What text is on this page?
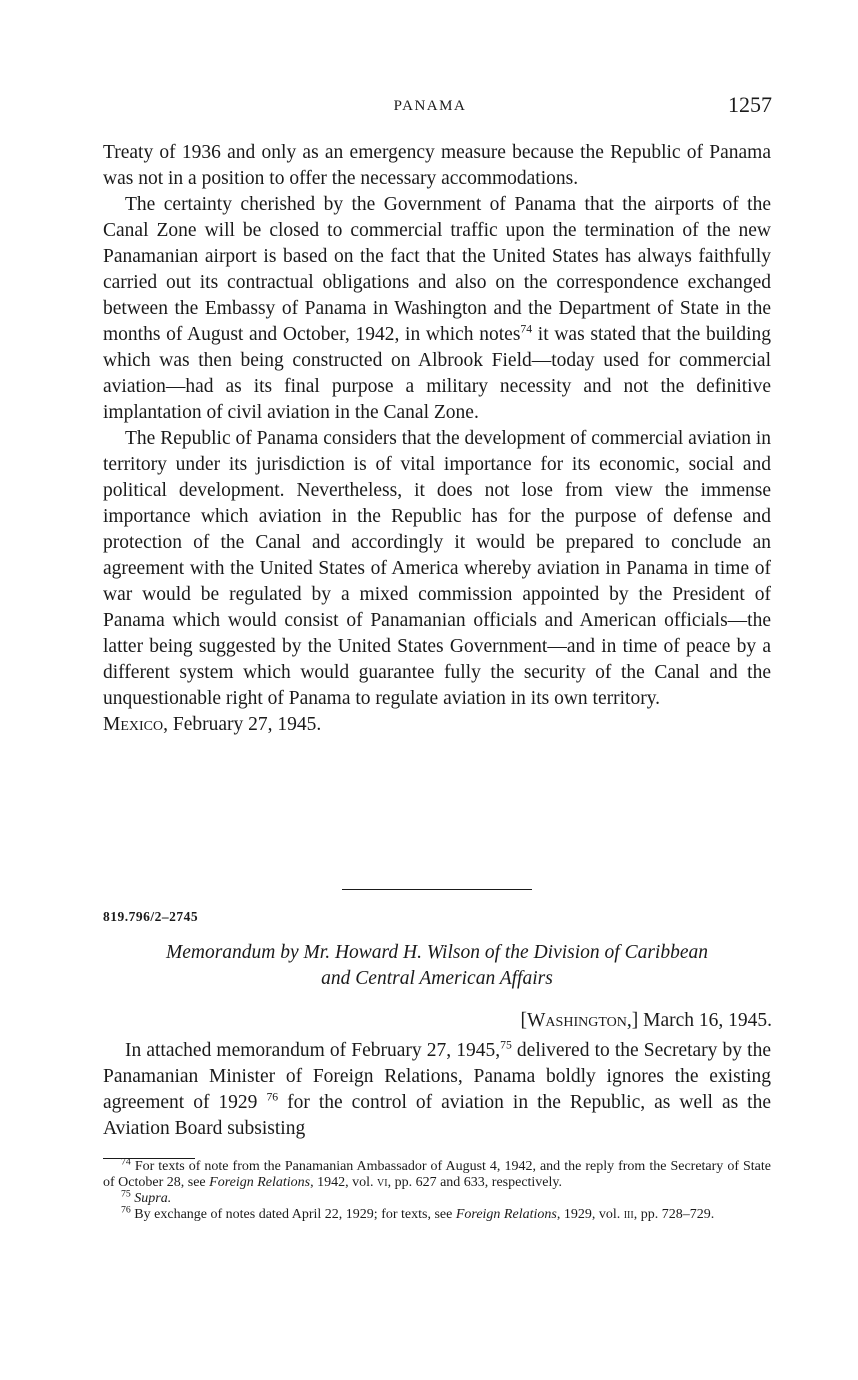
PANAMA	1257

Treaty of 1936 and only as an emergency measure because the Republic of Panama was not in a position to offer the necessary accommodations.

The certainty cherished by the Government of Panama that the airports of the Canal Zone will be closed to commercial traffic upon the termination of the new Panamanian airport is based on the fact that the United States has always faithfully carried out its contractual obligations and also on the correspondence exchanged between the Embassy of Panama in Washington and the Department of State in the months of August and October, 1942, in which notes$^{74}$ it was stated that the building which was then being constructed on Albrook Field—today used for commercial aviation—had as its final purpose a military necessity and not the definitive implantation of civil aviation in the Canal Zone.

The Republic of Panama considers that the development of commercial aviation in territory under its jurisdiction is of vital importance for its economic, social and political development. Nevertheless, it does not lose from view the immense importance which aviation in the Republic has for the purpose of defense and protection of the Canal and accordingly it would be prepared to conclude an agreement with the United States of America whereby aviation in Panama in time of war would be regulated by a mixed commission appointed by the President of Panama which would consist of Panamanian officials and American officials—the latter being suggested by the United States Government—and in time of peace by a different system which would guarantee fully the security of the Canal and the unquestionable right of Panama to regulate aviation in its own territory.

Mexico, February 27, 1945.

819.796/2–2745
Memorandum by Mr. Howard H. Wilson of the Division of Caribbean
and Central American Affairs
[Washington,] March 16, 1945.

In attached memorandum of February 27, 1945,75 delivered to the Secretary by the Panamanian Minister of Foreign Relations, Panama boldly ignores the existing agreement of 1929 $^{76}$ for the control of aviation in the Republic, as well as the Aviation Board subsisting

$^{74}$ For texts of note from the Panamanian Ambassador of August 4, 1942, and the reply from the Secretary of State of October 28, see Foreign Relations, 1942, vol. vi, pp. 627 and 633, respectively.

$^{75}$ Supra.

$^{76}$ By exchange of notes dated April 22, 1929; for texts, see Foreign Relations, 1929, vol. iii, pp. 728–729.
